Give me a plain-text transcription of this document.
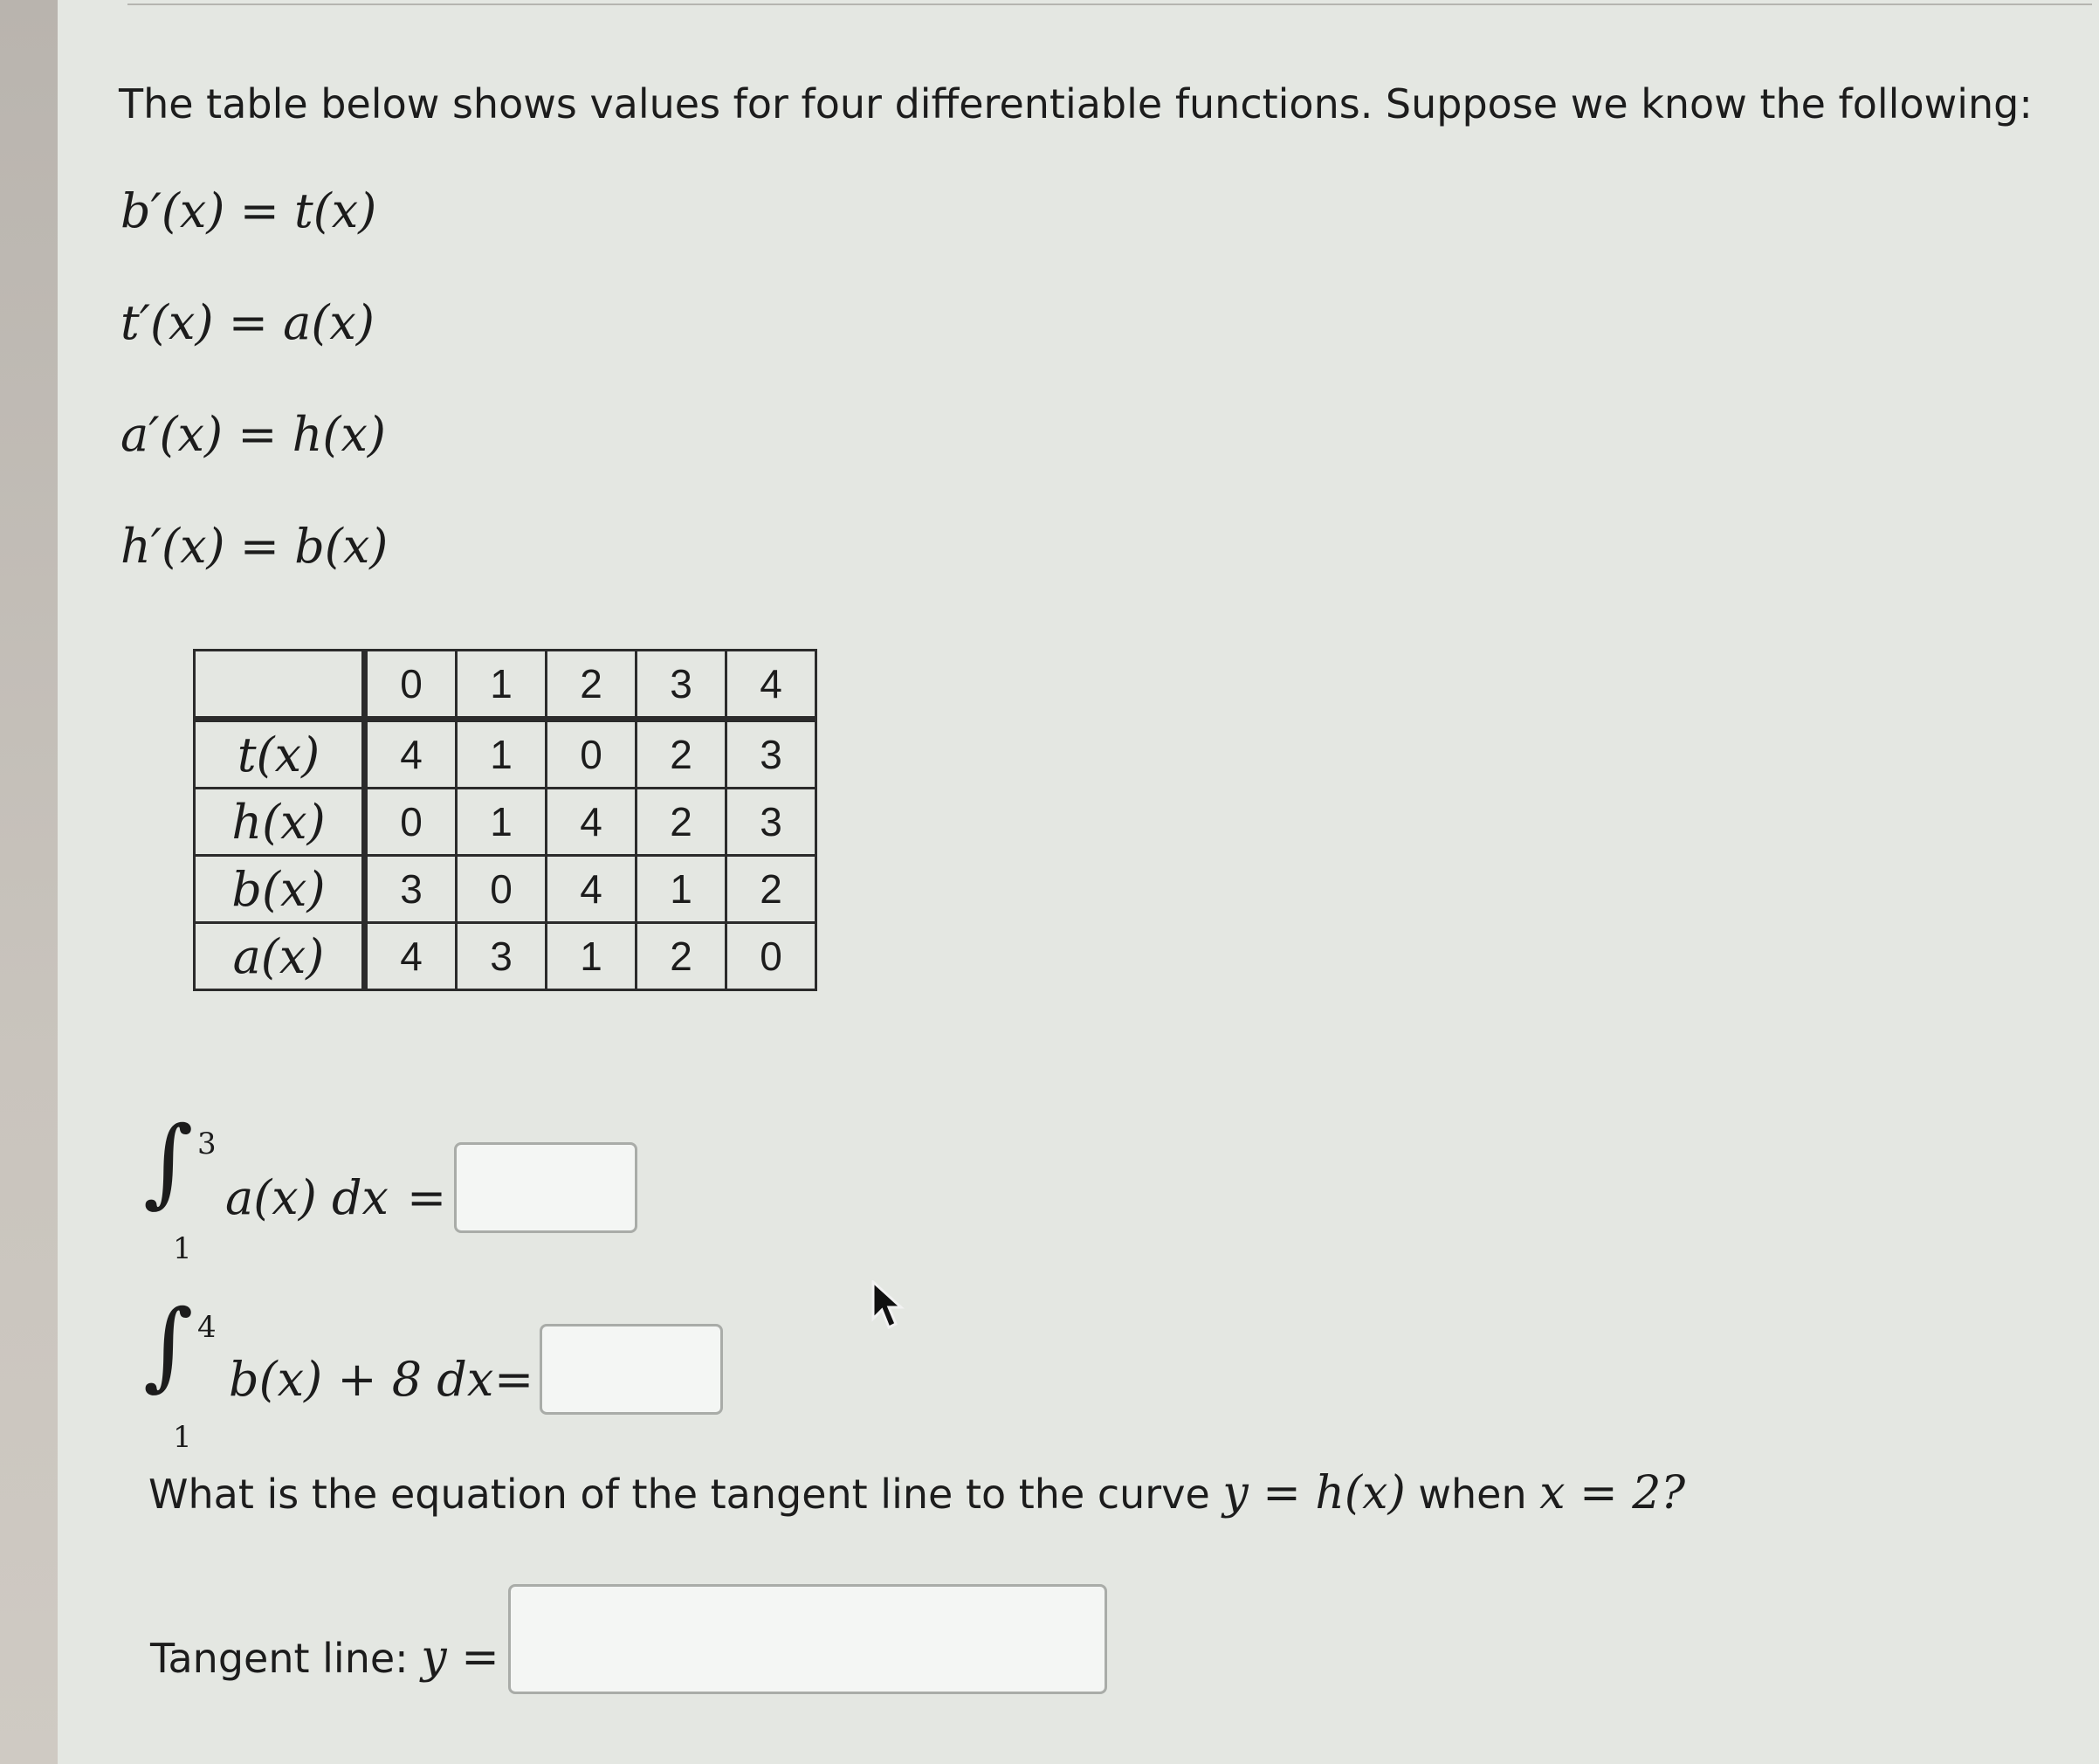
The table below shows values for four differentiable functions. Suppose we know the following:
b′(x) = t(x)
t′(x) = a(x)
a′(x) = h(x)
h′(x) = b(x)
	0	1	2	3	4
t(x)	4	1	0	2	3
h(x)	0	1	4	2	3
b(x)	3	0	4	1	2
a(x)	4	3	1	2	0
∫ 3
1
a(x) dx =
∫ 4
1
b(x) + 8 dx =
What is the equation of the tangent line to the curve y = h(x) when x = 2?
Tangent line: y =
